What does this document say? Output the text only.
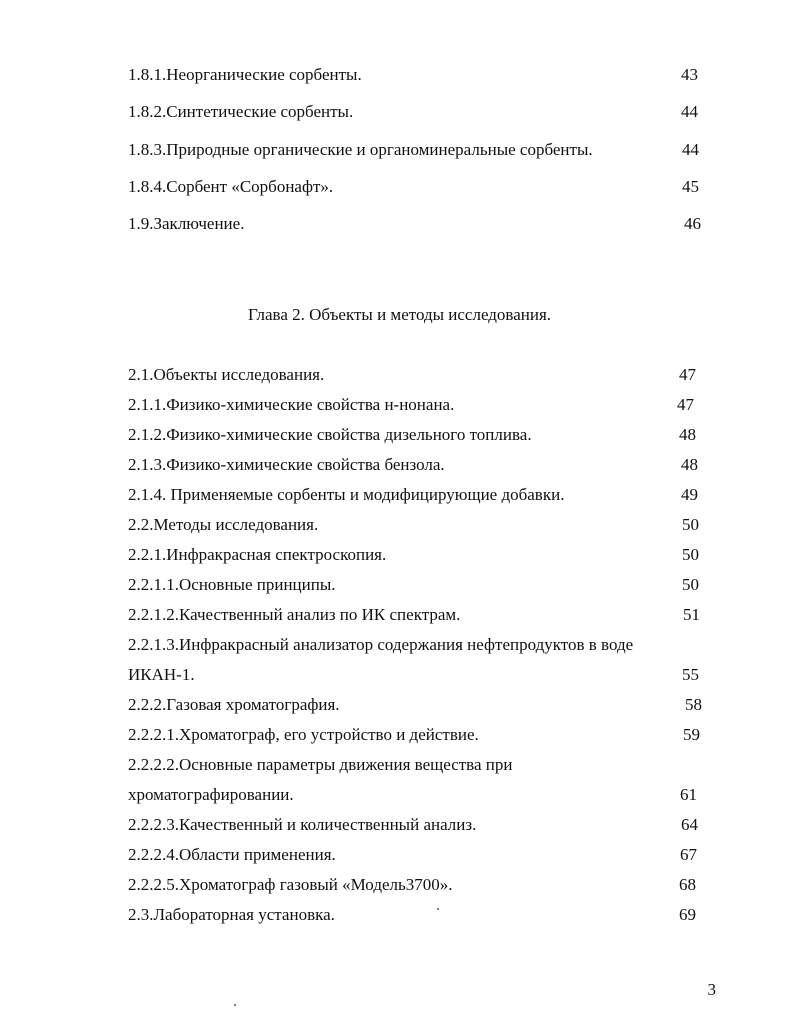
1.8.1.Неорганические сорбенты.	43
1.8.2.Синтетические сорбенты.	44
1.8.3.Природные органические и органоминеральные сорбенты.	44
1.8.4.Сорбент «Сорбонафт».	45
1.9.Заключение.	46
Глава 2. Объекты и методы исследования.
2.1.Объекты исследования.	47
2.1.1.Физико-химические свойства н-нонана.	47
2.1.2.Физико-химические свойства дизельного топлива.	48
2.1.3.Физико-химические свойства бензола.	48
2.1.4. Применяемые сорбенты и модифицирующие добавки.	49
2.2.Методы исследования.	50
2.2.1.Инфракрасная спектроскопия.	50
2.2.1.1.Основные принципы.	50
2.2.1.2.Качественный анализ по ИК спектрам.	51
2.2.1.3.Инфракрасный анализатор содержания нефтепродуктов в воде
ИКАН-1.	55
2.2.2.Газовая хроматография.	58
2.2.2.1.Хроматограф, его устройство и действие.	59
2.2.2.2.Основные параметры движения вещества при
хроматографировании.	61
2.2.2.3.Качественный и количественный анализ.	64
2.2.2.4.Области применения.	67
2.2.2.5.Хроматограф газовый «Модель3700».	68
2.3.Лабораторная установка.	69
3
